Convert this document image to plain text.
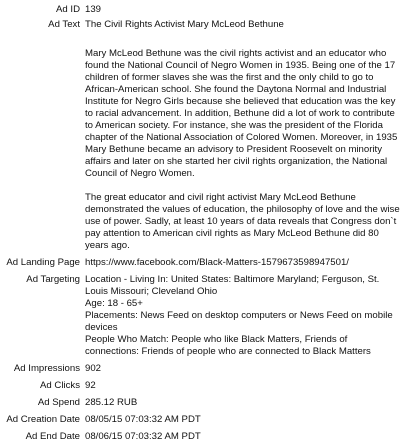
Ad ID 139
Ad Text The Civil Rights Activist Mary McLeod Bethune

Mary McLeod Bethune was the civil rights activist and an educator who found the National Council of Negro Women in 1935. Being one of the 17 children of former slaves she was the first and the only child to go to African-American school. She found the Daytona Normal and Industrial Institute for Negro Girls because she believed that education was the key to racial advancement. In addition, Bethune did a lot of work to contribute to American society. For instance, she was the president of the Florida chapter of the National Association of Colored Women. Moreover, in 1935 Mary Bethune became an advisory to President Roosevelt on minority affairs and later on she started her civil rights organization, the National Council of Negro Women.

The great educator and civil right activist Mary McLeod Bethune demonstrated the values of education, the philosophy of love and the wise use of power. Sadly, at least 10 years of data reveals that Congress don`t pay attention to American civil rights as Mary McLeod Bethune did 80 years ago.

Ad Landing Page https://www.facebook.com/Black-Matters-1579673598947501/
Ad Targeting Location - Living In: United States: Baltimore Maryland; Ferguson, St. Louis Missouri; Cleveland Ohio
Age: 18 - 65+
Placements: News Feed on desktop computers or News Feed on mobile devices
People Who Match: People who like Black Matters, Friends of connections: Friends of people who are connected to Black Matters
Ad Impressions 902
Ad Clicks 92
Ad Spend 285.12 RUB
Ad Creation Date 08/05/15 07:03:32 AM PDT
Ad End Date 08/06/15 07:03:32 AM PDT
